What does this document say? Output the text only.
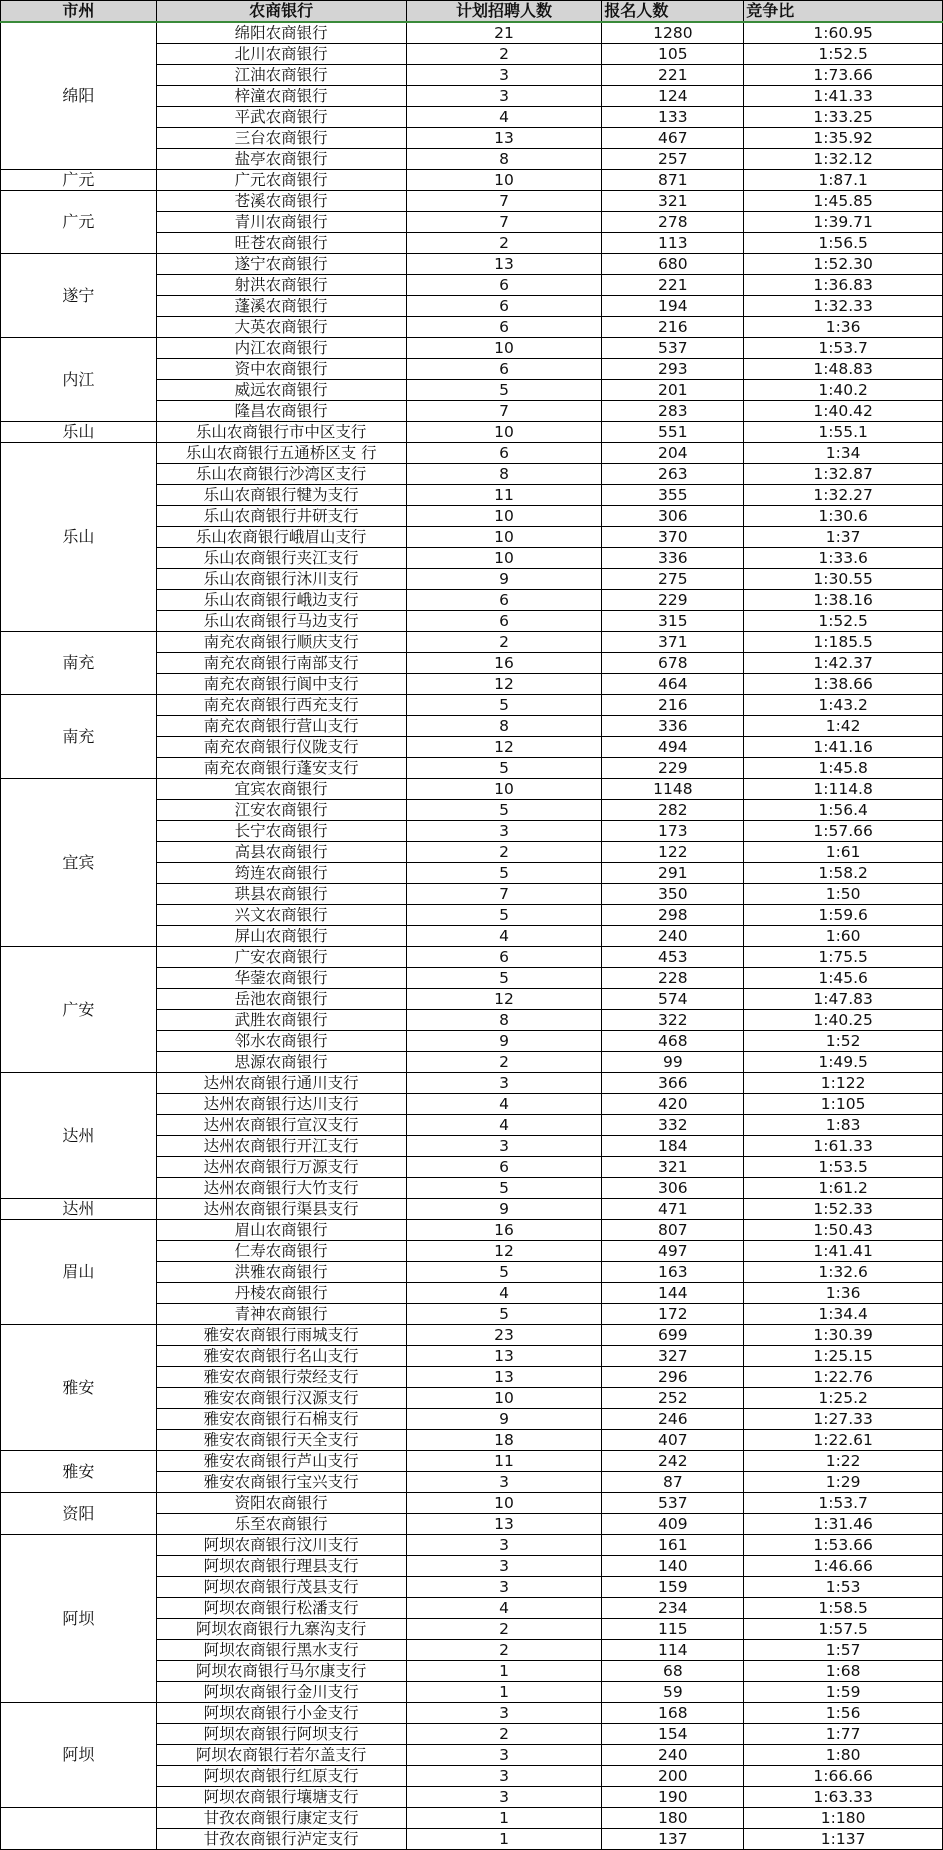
市州	农商银行	计划招聘人数	报名人数	竞争比
绵阳	绵阳农商银行	21	1280	1:60.95
	北川农商银行	2	105	1:52.5
	江油农商银行	3	221	1:73.66
	梓潼农商银行	3	124	1:41.33
	平武农商银行	4	133	1:33.25
	三台农商银行	13	467	1:35.92
	盐亭农商银行	8	257	1:32.12
广元	广元农商银行	10	871	1:87.1
广元	苍溪农商银行	7	321	1:45.85
	青川农商银行	7	278	1:39.71
	旺苍农商银行	2	113	1:56.5
遂宁	遂宁农商银行	13	680	1:52.30
	射洪农商银行	6	221	1:36.83
	蓬溪农商银行	6	194	1:32.33
	大英农商银行	6	216	1:36
内江	内江农商银行	10	537	1:53.7
	资中农商银行	6	293	1:48.83
	威远农商银行	5	201	1:40.2
	隆昌农商银行	7	283	1:40.42
乐山	乐山农商银行市中区支行	10	551	1:55.1
乐山	乐山农商银行五通桥区支 行	6	204	1:34
	乐山农商银行沙湾区支行	8	263	1:32.87
	乐山农商银行犍为支行	11	355	1:32.27
	乐山农商银行井研支行	10	306	1:30.6
	乐山农商银行峨眉山支行	10	370	1:37
	乐山农商银行夹江支行	10	336	1:33.6
	乐山农商银行沐川支行	9	275	1:30.55
	乐山农商银行峨边支行	6	229	1:38.16
	乐山农商银行马边支行	6	315	1:52.5
南充	南充农商银行顺庆支行	2	371	1:185.5
	南充农商银行南部支行	16	678	1:42.37
	南充农商银行阆中支行	12	464	1:38.66
南充	南充农商银行西充支行	5	216	1:43.2
	南充农商银行营山支行	8	336	1:42
	南充农商银行仪陇支行	12	494	1:41.16
	南充农商银行蓬安支行	5	229	1:45.8
宜宾	宜宾农商银行	10	1148	1:114.8
	江安农商银行	5	282	1:56.4
	长宁农商银行	3	173	1:57.66
	高县农商银行	2	122	1:61
	筠连农商银行	5	291	1:58.2
	珙县农商银行	7	350	1:50
	兴文农商银行	5	298	1:59.6
	屏山农商银行	4	240	1:60
广安	广安农商银行	6	453	1:75.5
	华蓥农商银行	5	228	1:45.6
	岳池农商银行	12	574	1:47.83
	武胜农商银行	8	322	1:40.25
	邻水农商银行	9	468	1:52
	思源农商银行	2	99	1:49.5
达州	达州农商银行通川支行	3	366	1:122
	达州农商银行达川支行	4	420	1:105
	达州农商银行宣汉支行	4	332	1:83
	达州农商银行开江支行	3	184	1:61.33
	达州农商银行万源支行	6	321	1:53.5
	达州农商银行大竹支行	5	306	1:61.2
达州	达州农商银行渠县支行	9	471	1:52.33
眉山	眉山农商银行	16	807	1:50.43
	仁寿农商银行	12	497	1:41.41
	洪雅农商银行	5	163	1:32.6
	丹棱农商银行	4	144	1:36
	青神农商银行	5	172	1:34.4
雅安	雅安农商银行雨城支行	23	699	1:30.39
	雅安农商银行名山支行	13	327	1:25.15
	雅安农商银行荥经支行	13	296	1:22.76
	雅安农商银行汉源支行	10	252	1:25.2
	雅安农商银行石棉支行	9	246	1:27.33
	雅安农商银行天全支行	18	407	1:22.61
雅安	雅安农商银行芦山支行	11	242	1:22
	雅安农商银行宝兴支行	3	87	1:29
资阳	资阳农商银行	10	537	1:53.7
	乐至农商银行	13	409	1:31.46
阿坝	阿坝农商银行汶川支行	3	161	1:53.66
	阿坝农商银行理县支行	3	140	1:46.66
	阿坝农商银行茂县支行	3	159	1:53
	阿坝农商银行松潘支行	4	234	1:58.5
	阿坝农商银行九寨沟支行	2	115	1:57.5
	阿坝农商银行黑水支行	2	114	1:57
	阿坝农商银行马尔康支行	1	68	1:68
	阿坝农商银行金川支行	1	59	1:59
阿坝	阿坝农商银行小金支行	3	168	1:56
	阿坝农商银行阿坝支行	2	154	1:77
	阿坝农商银行若尔盖支行	3	240	1:80
	阿坝农商银行红原支行	3	200	1:66.66
	阿坝农商银行壤塘支行	3	190	1:63.33
	甘孜农商银行康定支行	1	180	1:180
	甘孜农商银行泸定支行	1	137	1:137
